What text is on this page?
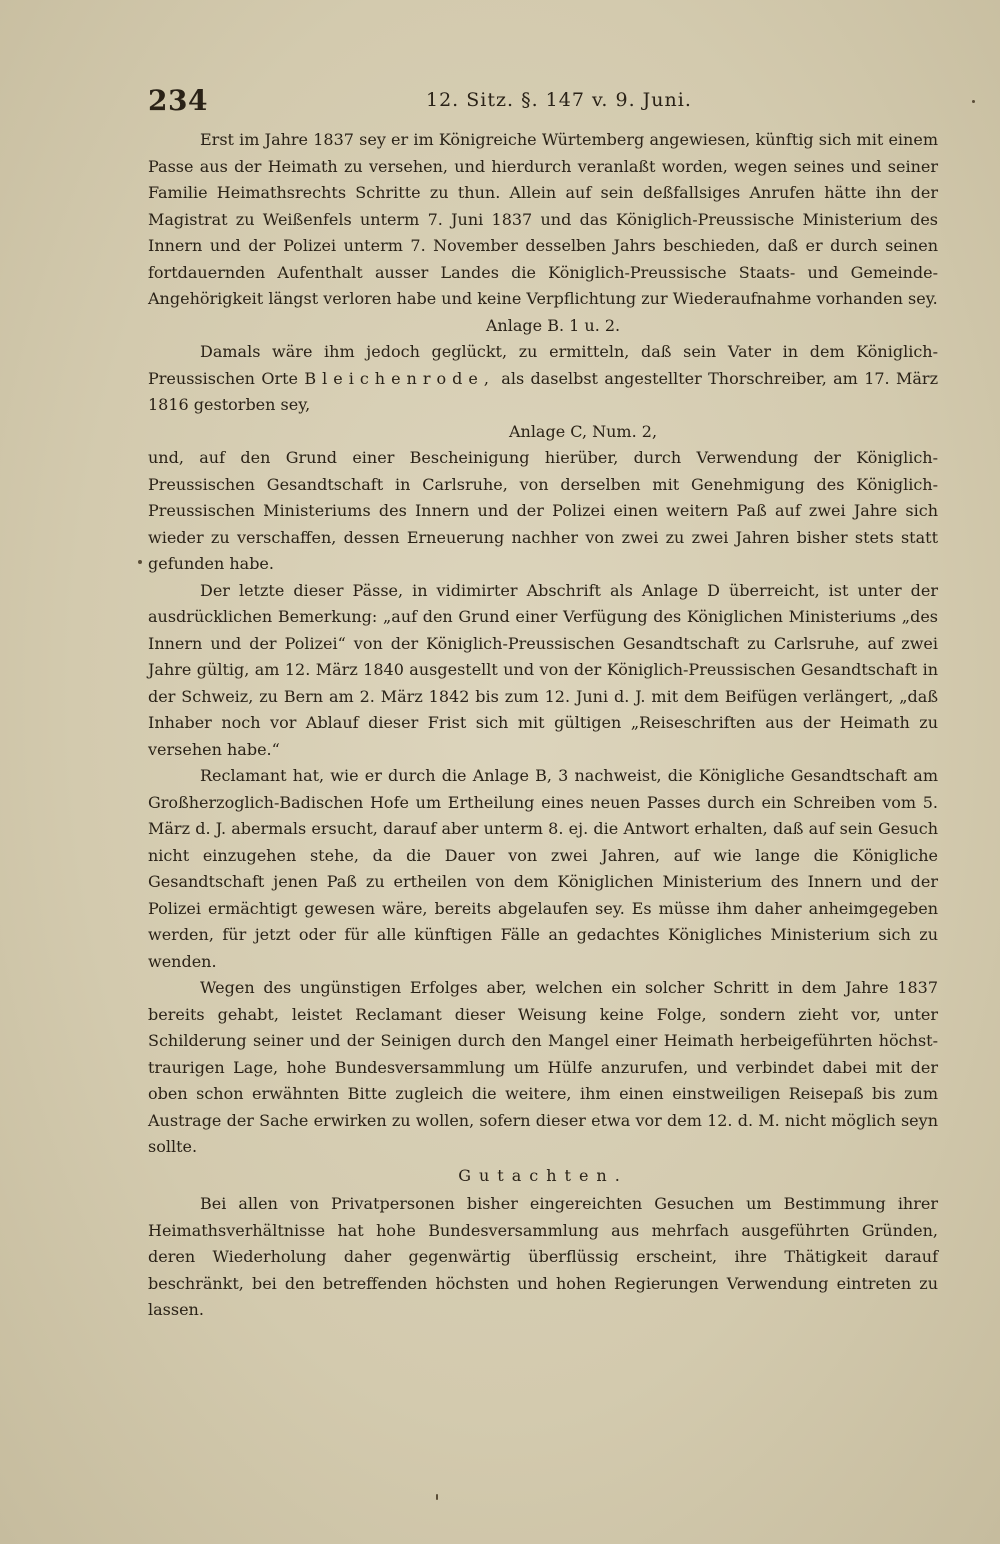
234	12. Sitz. §. 147 v. 9. Juni.

Erst im Jahre 1837 sey er im Königreiche Würtemberg angewiesen, künftig sich mit einem Passe aus der Heimath zu versehen, und hierdurch veranlaßt worden, wegen seines und seiner Familie Heimathsrechts Schritte zu thun. Allein auf sein deßfallsiges Anrufen hätte ihn der Magistrat zu Weißenfels unterm 7. Juni 1837 und das Königlich-Preussische Ministerium des Innern und der Polizei unterm 7. November desselben Jahrs beschieden, daß er durch seinen fortdauernden Aufenthalt ausser Landes die Königlich-Preussische Staats- und Gemeinde-Angehörigkeit längst verloren habe und keine Verpflichtung zur Wiederaufnahme vorhanden sey.

Anlage B. 1 u. 2.

Damals wäre ihm jedoch geglückt, zu ermitteln, daß sein Vater in dem Königlich-Preussischen Orte Bleichenrode, als daselbst angestellter Thorschreiber, am 17. März 1816 gestorben sey,

Anlage C, Num. 2,

und, auf den Grund einer Bescheinigung hierüber, durch Verwendung der Königlich-Preussischen Gesandtschaft in Carlsruhe, von derselben mit Genehmigung des Königlich-Preussischen Ministeriums des Innern und der Polizei einen weitern Paß auf zwei Jahre sich wieder zu verschaffen, dessen Erneuerung nachher von zwei zu zwei Jahren bisher stets statt gefunden habe.

Der letzte dieser Pässe, in vidimirter Abschrift als Anlage D überreicht, ist unter der ausdrücklichen Bemerkung: „auf den Grund einer Verfügung des Königlichen Ministeriums „des Innern und der Polizei“ von der Königlich-Preussischen Gesandtschaft zu Carlsruhe, auf zwei Jahre gültig, am 12. März 1840 ausgestellt und von der Königlich-Preussischen Gesandtschaft in der Schweiz, zu Bern am 2. März 1842 bis zum 12. Juni d. J. mit dem Beifügen verlängert, „daß Inhaber noch vor Ablauf dieser Frist sich mit gültigen „Reiseschriften aus der Heimath zu versehen habe.“

Reclamant hat, wie er durch die Anlage B, 3 nachweist, die Königliche Gesandtschaft am Großherzoglich-Badischen Hofe um Ertheilung eines neuen Passes durch ein Schreiben vom 5. März d. J. abermals ersucht, darauf aber unterm 8. ej. die Antwort erhalten, daß auf sein Gesuch nicht einzugehen stehe, da die Dauer von zwei Jahren, auf wie lange die Königliche Gesandtschaft jenen Paß zu ertheilen von dem Königlichen Ministerium des Innern und der Polizei ermächtigt gewesen wäre, bereits abgelaufen sey. Es müsse ihm daher anheimgegeben werden, für jetzt oder für alle künftigen Fälle an gedachtes Königliches Ministerium sich zu wenden.

Wegen des ungünstigen Erfolges aber, welchen ein solcher Schritt in dem Jahre 1837 bereits gehabt, leistet Reclamant dieser Weisung keine Folge, sondern zieht vor, unter Schilderung seiner und der Seinigen durch den Mangel einer Heimath herbeigeführten höchst-traurigen Lage, hohe Bundesversammlung um Hülfe anzurufen, und verbindet dabei mit der oben schon erwähnten Bitte zugleich die weitere, ihm einen einstweiligen Reisepaß bis zum Austrage der Sache erwirken zu wollen, sofern dieser etwa vor dem 12. d. M. nicht möglich seyn sollte.

Gutachten.

Bei allen von Privatpersonen bisher eingereichten Gesuchen um Bestimmung ihrer Heimathsverhältnisse hat hohe Bundesversammlung aus mehrfach ausgeführten Gründen, deren Wiederholung daher gegenwärtig überflüssig erscheint, ihre Thätigkeit darauf beschränkt, bei den betreffenden höchsten und hohen Regierungen Verwendung eintreten zu lassen.
